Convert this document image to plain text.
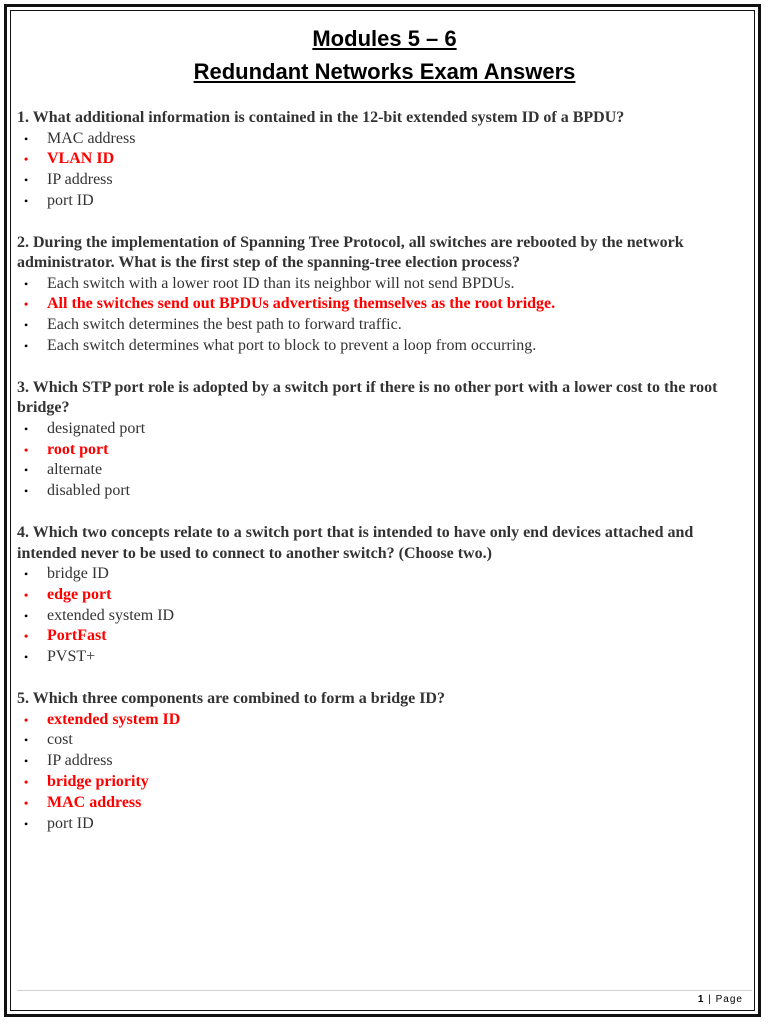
Modules 5 – 6
Redundant Networks Exam Answers
1. What additional information is contained in the 12-bit extended system ID of a BPDU?
• MAC address
• VLAN ID
• IP address
• port ID
2. During the implementation of Spanning Tree Protocol, all switches are rebooted by the network administrator. What is the first step of the spanning-tree election process?
• Each switch with a lower root ID than its neighbor will not send BPDUs.
• All the switches send out BPDUs advertising themselves as the root bridge.
• Each switch determines the best path to forward traffic.
• Each switch determines what port to block to prevent a loop from occurring.
3. Which STP port role is adopted by a switch port if there is no other port with a lower cost to the root bridge?
• designated port
• root port
• alternate
• disabled port
4. Which two concepts relate to a switch port that is intended to have only end devices attached and intended never to be used to connect to another switch? (Choose two.)
• bridge ID
• edge port
• extended system ID
• PortFast
• PVST+
5. Which three components are combined to form a bridge ID?
• extended system ID
• cost
• IP address
• bridge priority
• MAC address
• port ID
1 | Page
